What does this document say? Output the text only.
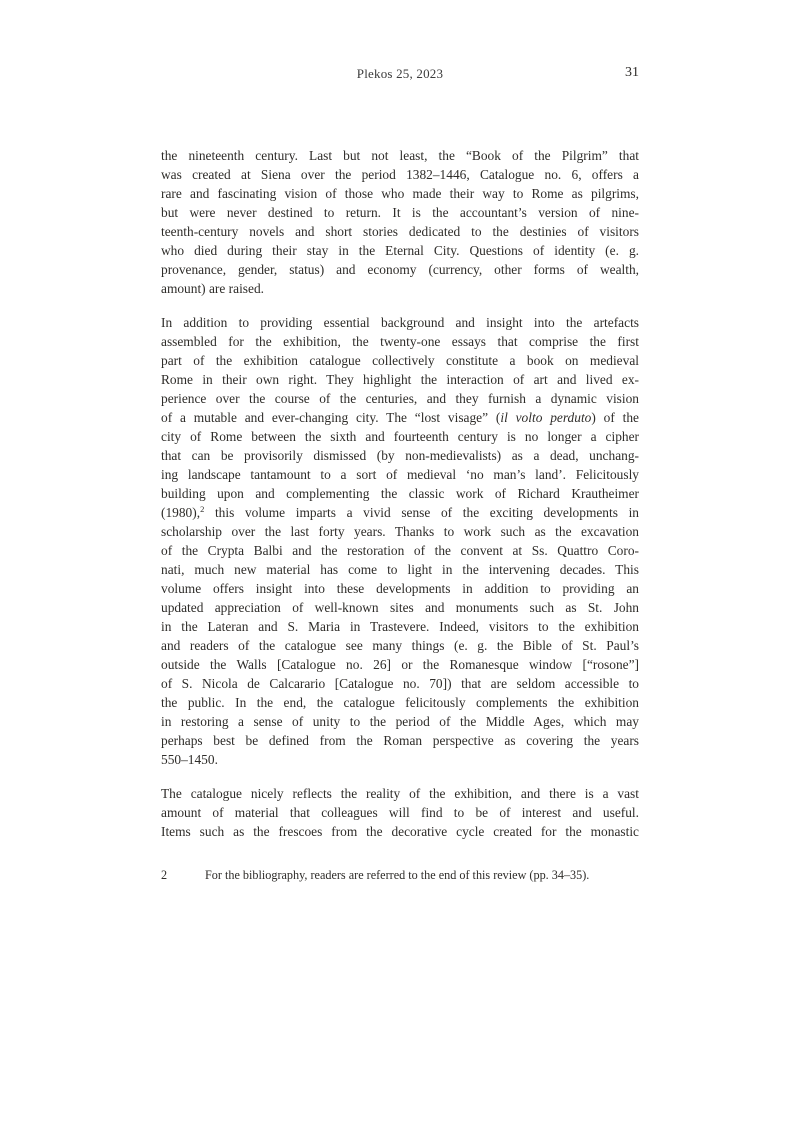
Plekos 25, 2023	31
the nineteenth century. Last but not least, the “Book of the Pilgrim” that
was created at Siena over the period 1382–1446, Catalogue no. 6, offers a
rare and fascinating vision of those who made their way to Rome as pilgrims,
but were never destined to return. It is the accountant’s version of nine-
teenth-century novels and short stories dedicated to the destinies of visitors
who died during their stay in the Eternal City. Questions of identity (e. g.
provenance, gender, status) and economy (currency, other forms of wealth,
amount) are raised.
In addition to providing essential background and insight into the artefacts
assembled for the exhibition, the twenty-one essays that comprise the first
part of the exhibition catalogue collectively constitute a book on medieval
Rome in their own right. They highlight the interaction of art and lived ex-
perience over the course of the centuries, and they furnish a dynamic vision
of a mutable and ever-changing city. The “lost visage” (il volto perduto) of the
city of Rome between the sixth and fourteenth century is no longer a cipher
that can be provisorily dismissed (by non-medievalists) as a dead, unchang-
ing landscape tantamount to a sort of medieval ‘no man’s land’. Felicitously
building upon and complementing the classic work of Richard Krautheimer
(1980),$^2$ this volume imparts a vivid sense of the exciting developments in
scholarship over the last forty years. Thanks to work such as the excavation
of the Crypta Balbi and the restoration of the convent at Ss. Quattro Coro-
nati, much new material has come to light in the intervening decades. This
volume offers insight into these developments in addition to providing an
updated appreciation of well-known sites and monuments such as St. John
in the Lateran and S. Maria in Trastevere. Indeed, visitors to the exhibition
and readers of the catalogue see many things (e. g. the Bible of St. Paul’s
outside the Walls [Catalogue no. 26] or the Romanesque window [“rosone”]
of S. Nicola de Calcarario [Catalogue no. 70]) that are seldom accessible to
the public. In the end, the catalogue felicitously complements the exhibition
in restoring a sense of unity to the period of the Middle Ages, which may
perhaps best be defined from the Roman perspective as covering the years
550–1450.
The catalogue nicely reflects the reality of the exhibition, and there is a vast
amount of material that colleagues will find to be of interest and useful.
Items such as the frescoes from the decorative cycle created for the monastic
2	For the bibliography, readers are referred to the end of this review (pp. 34–35).
